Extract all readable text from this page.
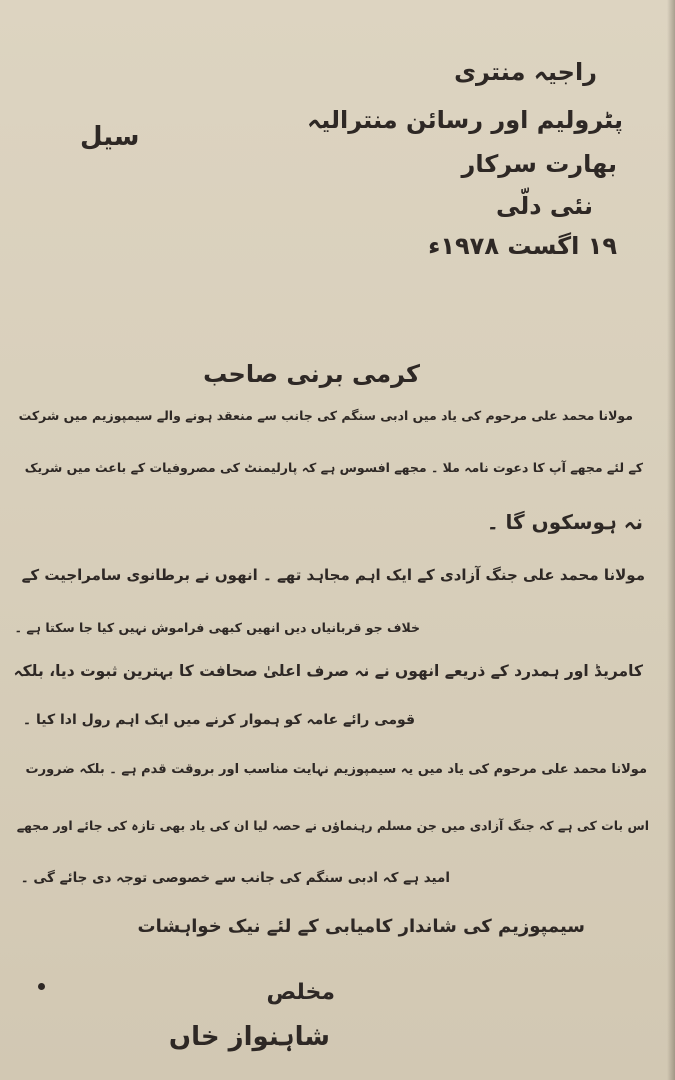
راجیہ منتری
پٹرولیم اور رسائن منترالیہ
بھارت سرکار
نئی دلّی
۱۹ اگست ۱۹۷۸ء
سیل
کرمی برنی صاحب
مولانا محمد علی مرحوم کی یاد میں ادبی سنگم کی جانب سے منعقد ہونے والے سیمپوزیم میں شرکت
کے لئے مجھے آپ کا دعوت نامہ ملا ۔ مجھے افسوس ہے کہ پارلیمنٹ کی مصروفیات کے باعث میں شریک
نہ ہوسکوں گا ۔
مولانا محمد علی جنگ آزادی کے ایک اہم مجاہد تھے ۔ انھوں نے برطانوی سامراجیت کے
خلاف جو قربانیاں دیں انھیں کبھی فراموش نہیں کیا جا سکتا ہے ۔
کامریڈ اور ہمدرد کے ذریعے انھوں نے نہ صرف اعلیٰ صحافت کا بہترین ثبوت دیا، بلکہ
قومی رائے عامہ کو ہموار کرنے میں ایک اہم رول ادا کیا ۔
مولانا محمد علی مرحوم کی یاد میں یہ سیمپوزیم نہایت مناسب اور بروقت قدم ہے ۔ بلکہ ضرورت
اس بات کی ہے کہ جنگ آزادی میں جن مسلم رہنماؤں نے حصہ لیا ان کی یاد بھی تازہ کی جائے اور مجھے
امید ہے کہ ادبی سنگم کی جانب سے خصوصی توجہ دی جائے گی ۔
سیمپوزیم کی شاندار کامیابی کے لئے نیک خواہشات
مخلص
شاہنواز خاں
